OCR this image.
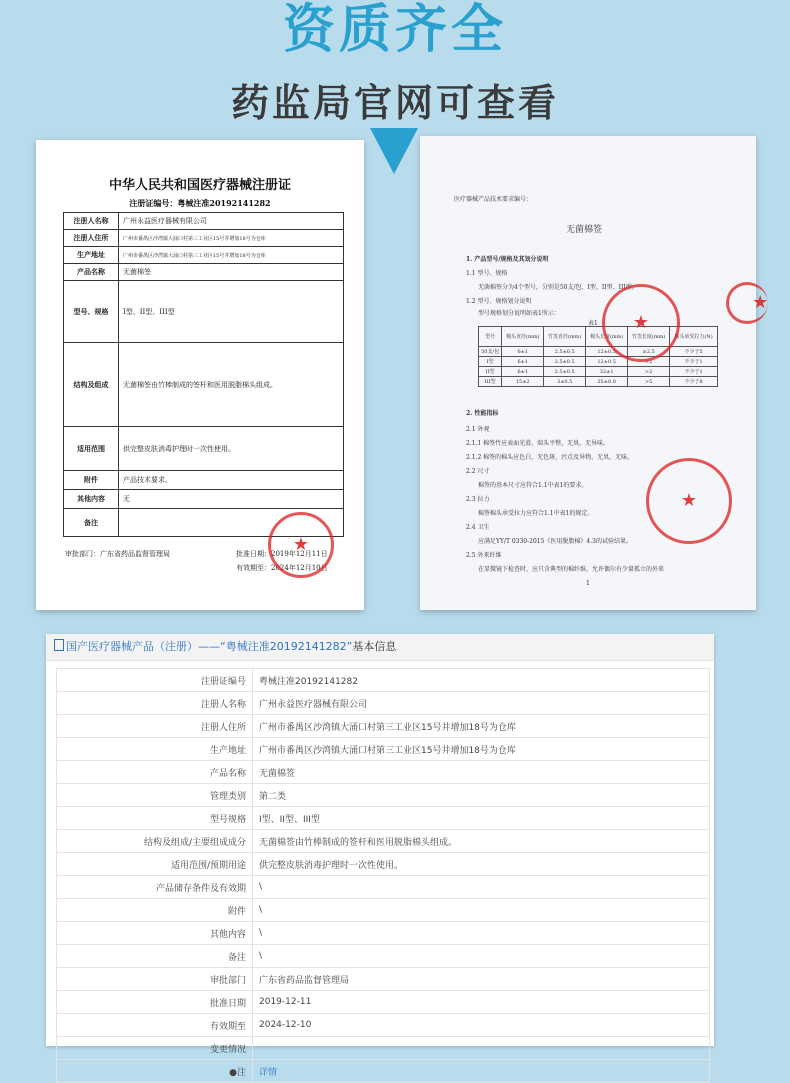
资质齐全
药监局官网可查看
中华人民共和国医疗器械注册证
注册证编号：粤械注准20192141282
注册人名称	广州永益医疗器械有限公司
注册人住所	广州市番禺区沙湾镇大涌口村第三工业区15号井增加18号为仓库
生产地址	广州市番禺区沙湾镇大涌口村第三工业区15号井增加18号为仓库
产品名称	无菌棉签
型号、规格	I型、II型、III型
结构及组成	无菌棉签由竹棒制成的签杆和医用脱脂棉头组成。
适用范围	供完整皮肤消毒护理时一次性使用。
附件	产品技术要求。
其他内容	无
备注	
审批部门：广东省药品监督管理局	批准日期：2019年12月11日
有效期至：2024年12月10日
★
医疗器械产品技术要求编号：
无菌棉签
1. 产品型号/规格及其划分说明
1.1 型号、规格
无菌棉签分为4个型号，分别是50支/包、I型、II型、III型。
1.2 型号、规格划分说明
型号规格划分说明如表1所示：
表1
型号	棉头直径(mm)	竹签直径(mm)	棉头长度(mm)	竹签长度(mm)	棉头承受拉力(N)
50支/包	6±1	2.5±0.5	12±0.5	≥2.5	不少于5
I型	6±1	2.5±0.5	12±0.5	>2	不少于1
II型	6±1	2.5±0.5	32±1	>2	不少于1
III型	15±2	3±0.5	25±0.8	>5	不少于8
2. 性能指标
2.1 外观
2.1.1 棉签竹应表面光滑，端头平整，无臭，无异味。
2.1.2 棉签的棉头应色白，无色斑、污点及异物，无臭，无味。
2.2 尺寸
棉签的基本尺寸应符合1.1中表1的要求。
2.3 拉力
棉签棉头承受拉力应符合1.1中表1的规定。
2.4 卫生
应满足YY/T 0330-2015《医用脱脂棉》4.3的试验结果。
2.5 外来纤维
在显微镜下检查时，应只含典型的棉纤维，允许偶尔有少量孤立的外来
1
★
★
★
国产医疗器械产品（注册）——“粤械注准20192141282”基本信息
注册证编号	粤械注准20192141282
注册人名称	广州永益医疗器械有限公司
注册人住所	广州市番禺区沙湾镇大涌口村第三工业区15号井增加18号为仓库
生产地址	广州市番禺区沙湾镇大涌口村第三工业区15号井增加18号为仓库
产品名称	无菌棉签
管理类别	第二类
型号规格	I型、II型、III型
结构及组成/主要组成成分	无菌棉签由竹棒制成的签杆和医用脱脂棉头组成。
适用范围/预期用途	供完整皮肤消毒护理时一次性使用。
产品储存条件及有效期	\
附件	\
其他内容	\
备注	\
审批部门	广东省药品监督管理局
批准日期	2019-12-11
有效期至	2024-12-10
变更情况	
●注	详情
